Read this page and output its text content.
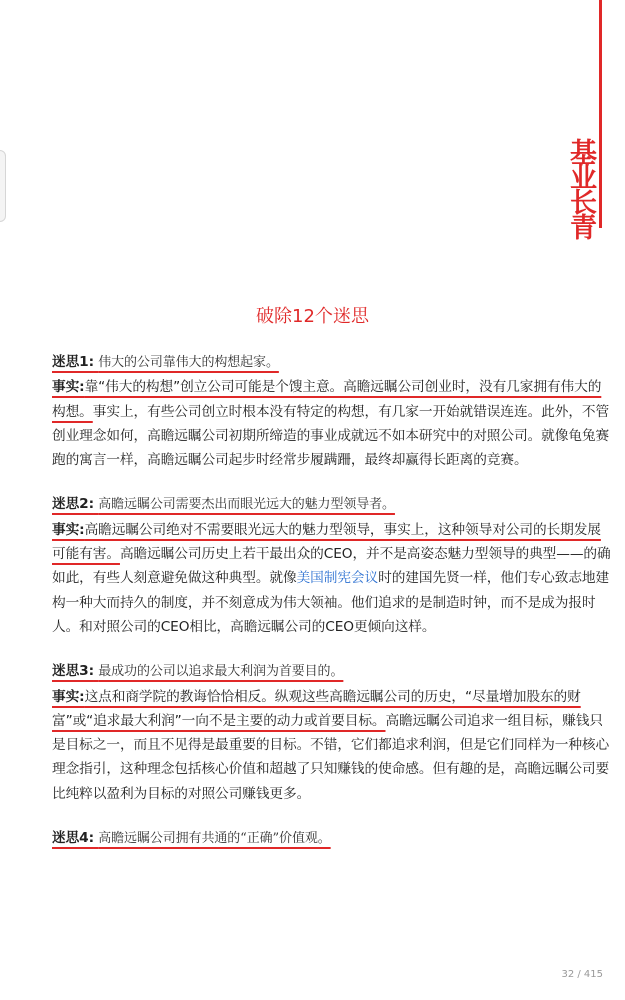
基业长青
破除12个迷思
迷思1: 伟大的公司靠伟大的构想起家。
事实:靠“伟大的构想”创立公司可能是个馊主意。高瞻远瞩公司创业时，没有几家拥有伟大的构想。事实上，有些公司创立时根本没有特定的构想，有几家一开始就错误连连。此外，不管创业理念如何，高瞻远瞩公司初期所缔造的事业成就远不如本研究中的对照公司。就像龟兔赛跑的寓言一样，高瞻远瞩公司起步时经常步履蹒跚，最终却赢得长距离的竞赛。
迷思2: 高瞻远瞩公司需要杰出而眼光远大的魅力型领导者。
事实:高瞻远瞩公司绝对不需要眼光远大的魅力型领导，事实上，这种领导对公司的长期发展可能有害。高瞻远瞩公司历史上若干最出众的CEO，并不是高姿态魅力型领导的典型——的确如此，有些人刻意避免做这种典型。就像美国制宪会议时的建国先贤一样，他们专心致志地建构一种大而持久的制度，并不刻意成为伟大领袖。他们追求的是制造时钟，而不是成为报时人。和对照公司的CEO相比，高瞻远瞩公司的CEO更倾向这样。
迷思3: 最成功的公司以追求最大利润为首要目的。
事实:这点和商学院的教诲恰恰相反。纵观这些高瞻远瞩公司的历史，“尽量增加股东的财富”或“追求最大利润”一向不是主要的动力或首要目标。高瞻远瞩公司追求一组目标，赚钱只是目标之一，而且不见得是最重要的目标。不错，它们都追求利润，但是它们同样为一种核心理念指引，这种理念包括核心价值和超越了只知赚钱的使命感。但有趣的是，高瞻远瞩公司要比纯粹以盈利为目标的对照公司赚钱更多。
迷思4: 高瞻远瞩公司拥有共通的“正确”价值观。
32 / 415
